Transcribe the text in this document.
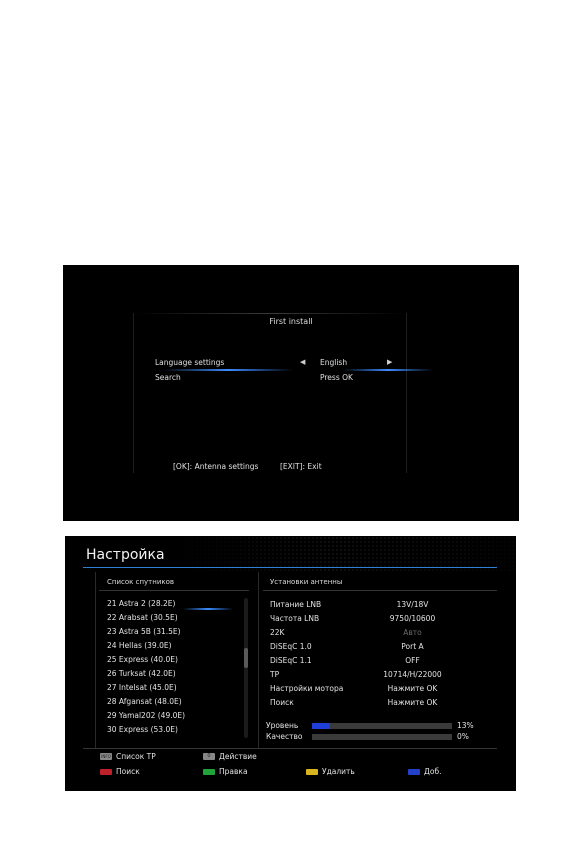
First install
Language settings	◀ English	▶
Search	Press OK
[OK]: Antenna settings	[EXIT]: Exit
Настройка
Список спутников	Установки антенны
21 Astra 2 (28.2E)
22 Arabsat (30.5E)
23 Astra 5B (31.5E)
24 Hellas (39.0E)
25 Express (40.0E)
26 Turksat (42.0E)
27 Intelsat (45.0E)
28 Afgansat (48.0E)
29 Yamal202 (49.0E)
30 Express (53.0E)
Питание LNB	13V/18V
Частота LNB	9750/10600
22K	Авто
DiSEqC 1.0	Port A
DiSEqC 1.1	OFF
TP	10714/H/22000
Настройки мотора	Нажмите OK
Поиск	Нажмите OK
Уровень	13%
Качество	0%
INFO Список TP	0	Действие
Поиск	Правка	Удалить	Доб.
